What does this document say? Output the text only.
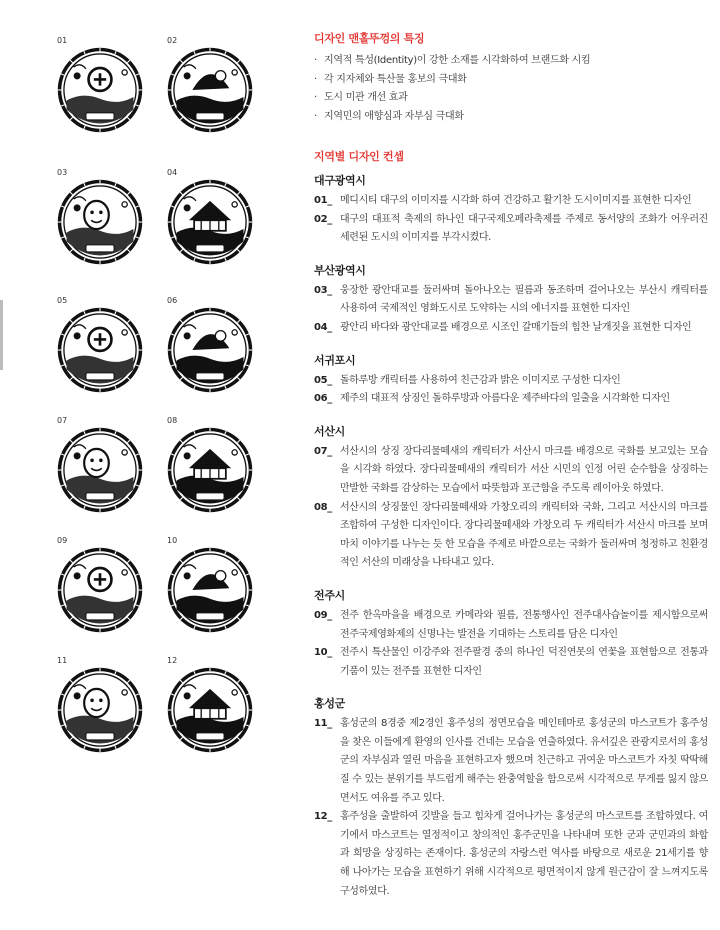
01	02
03	04
05	06
07	08
09	10
11	12
디자인 맨홀뚜껑의 특징
· 지역적 특성(Identity)이 강한 소재를 시각화하여 브랜드화 시킴
· 각 지자체와 특산물 홍보의 극대화
· 도시 미관 개선 효과
· 지역민의 애향심과 자부심 극대화
지역별 디자인 컨셉
대구광역시
01_ 메디시티 대구의 이미지를 시각화 하여 건강하고 활기찬 도시이미지를 표현한 디자인
02_ 대구의 대표적 축제의 하나인 대구국제오페라축제를 주제로 동서양의 조화가 어우러진 세련된 도시의 이미지를 부각시켰다.
부산광역시
03_ 웅장한 광안대교를 둘러싸며 돌아나오는 필름과 동조하며 걸어나오는 부산시 캐릭터를 사용하여 국제적인 영화도시로 도약하는 시의 에너지를 표현한 디자인
04_ 광안리 바다와 광안대교를 배경으로 시조인 갈매기들의 힘찬 날개짓을 표현한 디자인
서귀포시
05_ 돌하루방 캐릭터를 사용하여 친근감과 밝은 이미지로 구성한 디자인
06_ 제주의 대표적 상징인 돌하루방과 아름다운 제주바다의 일출을 시각화한 디자인
서산시
07_ 서산시의 상징 장다리물떼새의 캐릭터가 서산시 마크를 배경으로 국화를 보고있는 모습을 시각화 하였다. 장다리물떼새의 캐릭터가 서산 시민의 인정 어린 순수함을 상징하는 만발한 국화를 감상하는 모습에서 따뜻함과 포근함을 주도록 레이아웃 하였다.
08_ 서산시의 상징물인 장다리물떼새와 가창오리의 캐릭터와 국화, 그리고 서산시의 마크를 조합하여 구성한 디자인이다. 장다리물떼새와 가창오리 두 캐릭터가 서산시 마크를 보며 마치 이야기를 나누는 듯 한 모습을 주제로 바깥으로는 국화가 둘러싸며 청정하고 친환경적인 서산의 미래상을 나타내고 있다.
전주시
09_ 전주 한옥마을을 배경으로 카메라와 필름, 전통행사인 전주대사습놀이를 제시함으로써 전주국제영화제의 신명나는 발전을 기대하는 스토리를 담은 디자인
10_ 전주시 특산물인 이강주와 전주팔경 중의 하나인 덕진연못의 연꽃을 표현함으로 전통과 기품이 있는 전주를 표현한 디자인
홍성군
11_ 홍성군의 8경중 제2경인 홍주성의 정면모습을 메인테마로 홍성군의 마스코트가 홍주성을 찾은 이들에게 환영의 인사를 건네는 모습을 연출하였다. 유서깊은 관광지로서의 홍성군의 자부심과 열린 마음을 표현하고자 했으며 친근하고 귀여운 마스코트가 자칫 딱딱해질 수 있는 분위기를 부드럽게 해주는 완충역할을 함으로써 시각적으로 무게를 잃지 않으면서도 여유를 주고 있다.
12_ 홍주성을 출발하여 깃발을 들고 힘차게 걸어나가는 홍성군의 마스코트를 조합하였다. 여기에서 마스코트는 열정적이고 창의적인 홍주군민을 나타내며 또한 군과 군민과의 화합과 희망을 상징하는 존재이다. 홍성군의 자랑스런 역사를 바탕으로 새로운 21세기를 향해 나아가는 모습을 표현하기 위해 시각적으로 평면적이지 않게 원근감이 잘 느껴지도록 구성하였다.
